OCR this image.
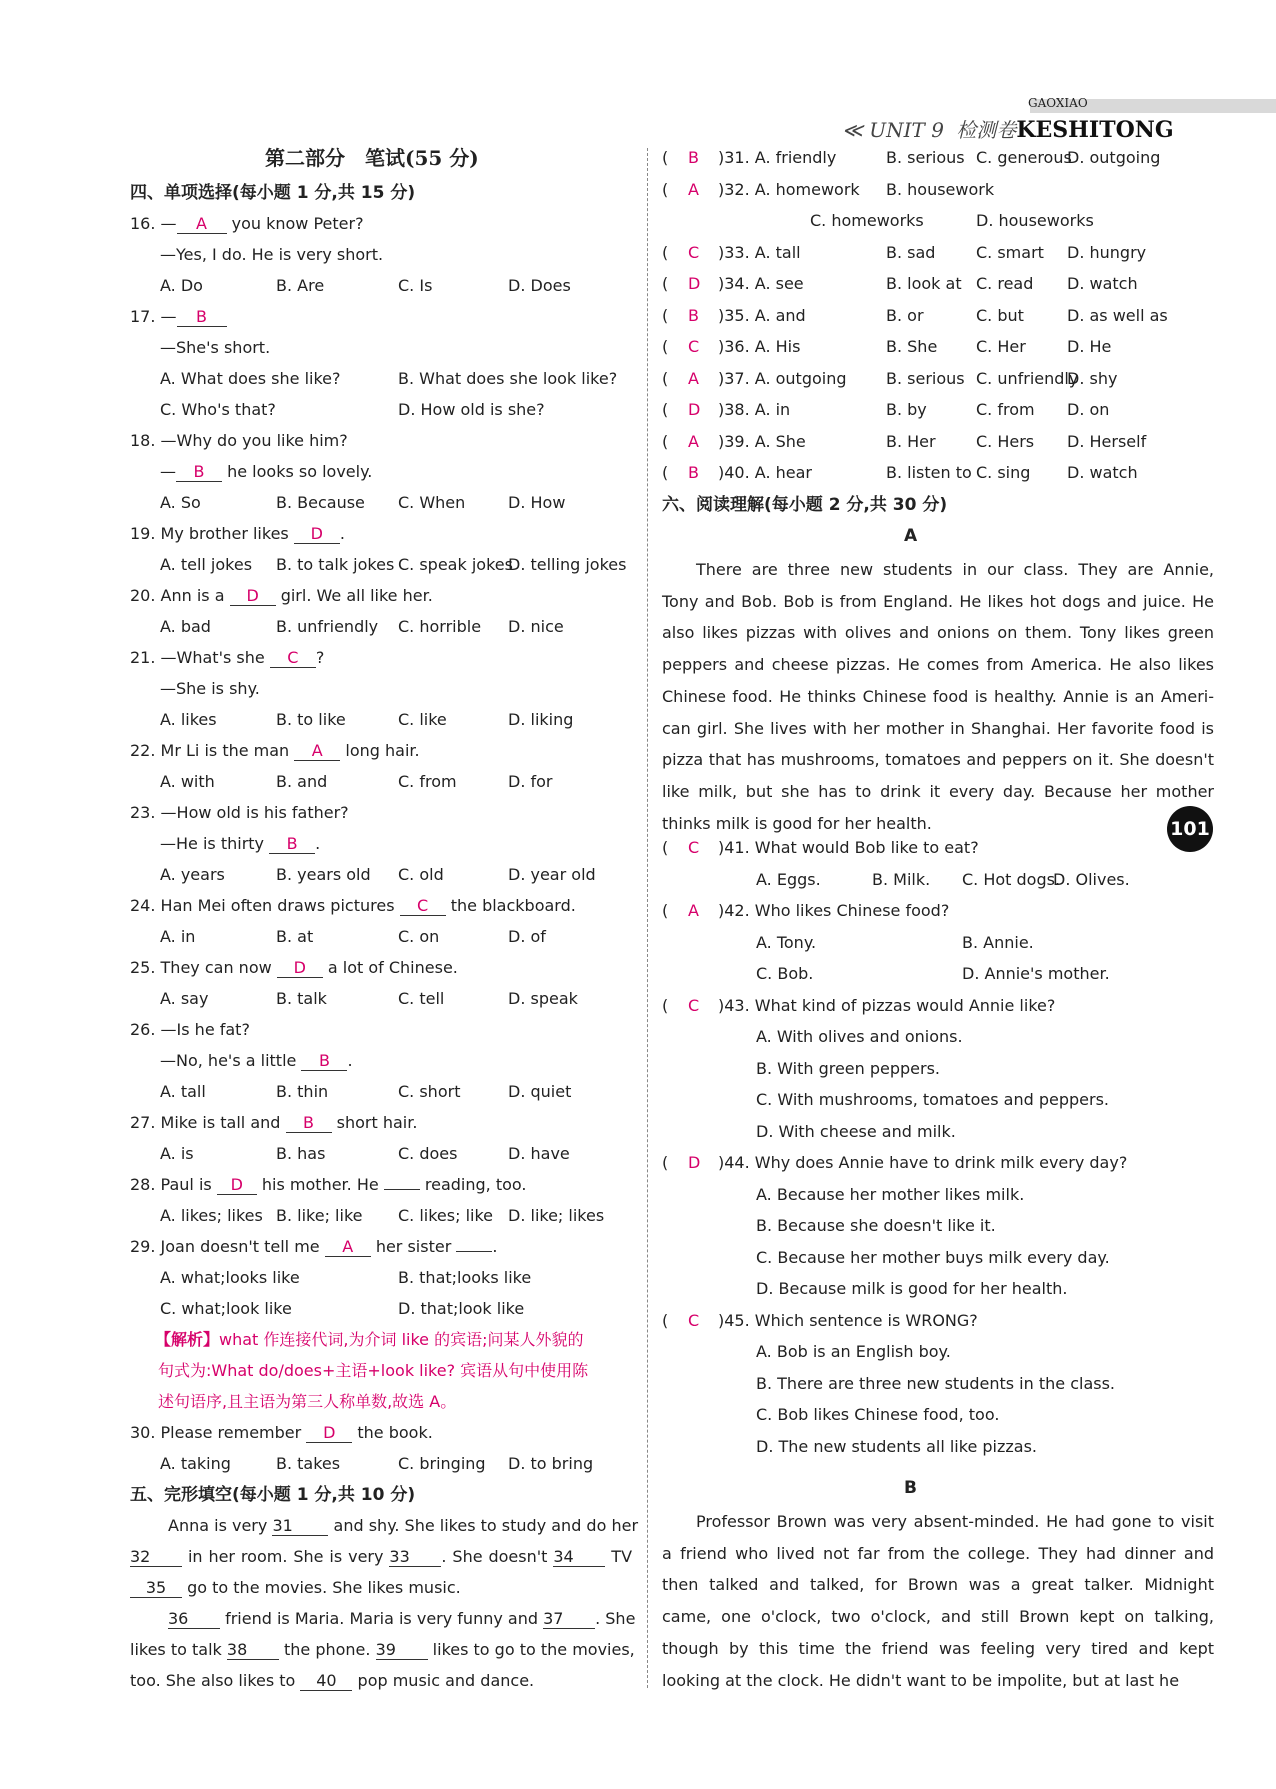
GAOXIAO
≪ UNIT 9 检测卷KESHITONG
101
第二部分　笔试(55 分)
四、单项选择(每小题 1 分,共 15 分)
16. — A you know Peter?
—Yes, I do. He is very short.
A. Do	B. Are	C. Is	D. Does
17. — B
—She's short.
A. What does she like?	B. What does she look like?
C. Who's that?	D. How old is she?
18. —Why do you like him?
— B he looks so lovely.
A. So	B. Because C. When	D. How
19. My brother likes D .
A. tell jokes B. to talk jokes C. speak jokes
D. telling jokes
20. Ann is a D girl. We all like her.
A. bad	B. unfriendly C. horrible D. nice
21. —What's she C ?
—She is shy.
A. likes	B. to like	C. like	D. liking
22. Mr Li is the man A long hair.
A. with	B. and	C. from	D. for
23. —How old is his father?
—He is thirty B .
A. years	B. years old C. old	D. year old
24. Han Mei often draws pictures C the blackboard.
A. in	B. at	C. on	D. of
25. They can now D a lot of Chinese.
A. say	B. talk	C. tell	D. speak
26. —Is he fat?
—No, he's a little B .
A. tall	B. thin	C. short	D. quiet
27. Mike is tall and B short hair.
A. is	B. has	C. does	D. have
28. Paul is D his mother. He	reading, too.
A. likes; likes B. like; like C. likes; like D. like; likes
29. Joan doesn't tell me A her sister	.
A. what;looks like	B. that;looks like
C. what;look like	D. that;look like
【解析】what 作连接代词,为介词 like 的宾语;问某人外貌的
句式为:What do/does+主语+look like? 宾语从句中使用陈
述句语序,且主语为第三人称单数,故选 A。
30. Please remember D the book.
A. taking	B. takes	C. bringing D. to bring
五、完形填空(每小题 1 分,共 10 分)
Anna is very 31	and shy. She likes to study and do her
32 in her room. She is very 33 . She doesn't 34 TV
35 go to the movies. She likes music.
36 friend is Maria. Maria is very funny and 37 . She
likes to talk 38 the phone. 39 likes to go to the movies,
too. She also likes to 40 pop music and dance.
( B )31. A. friendly	B. serious C. generous
D. outgoing
( A )32. A. homework B. housework
C. homeworks	D. houseworks
( C )33. A. tall	B. sad	C. smart D. hungry
( D )34. A. see	B. look at C. read D. watch
( B )35. A. and	B. or	C. but	D. as well as
( C )36. A. His	B. She C. Her	D. He
( A )37. A. outgoing B. serious C. unfriendly
D. shy
( D )38. A. in	B. by	C. from D. on
( A )39. A. She	B. Her	C. Hers D. Herself
( B )40. A. hear	B. listen to C. sing D. watch
六、阅读理解(每小题 2 分,共 30 分)
A
There are three new students in our class. They are Annie,
Tony and Bob. Bob is from England. He likes hot dogs and juice. He
also likes pizzas with olives and onions on them. Tony likes green
peppers and cheese pizzas. He comes from America. He also likes
Chinese food. He thinks Chinese food is healthy. Annie is an Ameri-
can girl. She lives with her mother in Shanghai. Her favorite food is
pizza that has mushrooms, tomatoes and peppers on it. She doesn't
like milk, but she has to drink it every day. Because her mother
thinks milk is good for her health.
( C )41. What would Bob like to eat?
A. Eggs.	B. Milk. C. Hot dogs.
D. Olives.
( A )42. Who likes Chinese food?
A. Tony.	B. Annie.
C. Bob.	D. Annie's mother.
( C )43. What kind of pizzas would Annie like?
A. With olives and onions.
B. With green peppers.
C. With mushrooms, tomatoes and peppers.
D. With cheese and milk.
( D )44. Why does Annie have to drink milk every day?
A. Because her mother likes milk.
B. Because she doesn't like it.
C. Because her mother buys milk every day.
D. Because milk is good for her health.
( C )45. Which sentence is WRONG?
A. Bob is an English boy.
B. There are three new students in the class.
C. Bob likes Chinese food, too.
D. The new students all like pizzas.
B
Professor Brown was very absent-minded. He had gone to visit
a friend who lived not far from the college. They had dinner and
then talked and talked, for Brown was a great talker. Midnight
came, one o'clock, two o'clock, and still Brown kept on talking,
though by this time the friend was feeling very tired and kept
looking at the clock. He didn't want to be impolite, but at last he
